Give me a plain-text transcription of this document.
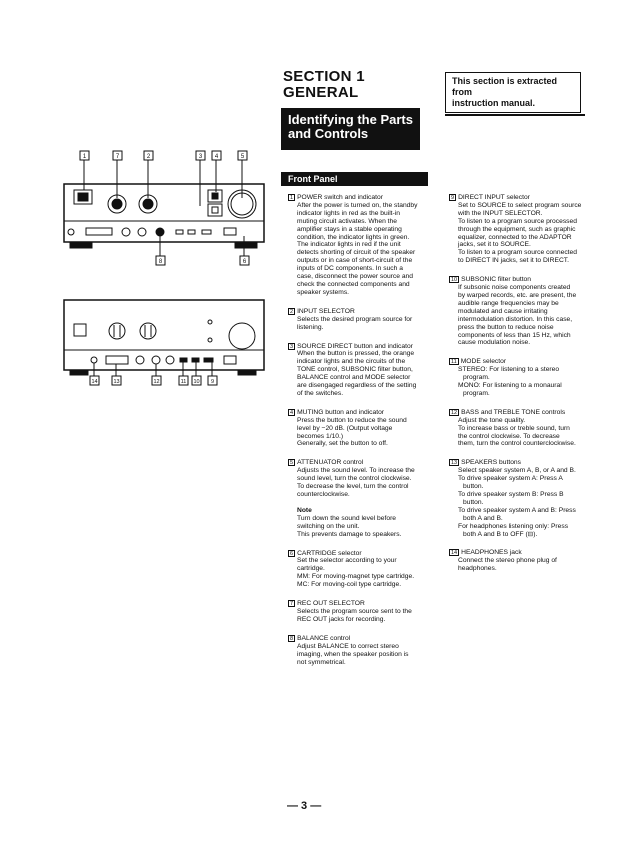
SECTION 1
GENERAL
This section is extracted from
instruction manual.
Identifying the Parts
and Controls
Front Panel
1	7	2	3 4	5
8	6
14	13	12	11 10 9
1 POWER switch and indicator
After the power is turned on, the standby
indicator lights in red as the built-in
muting circuit activates. When the
amplifier stays in a stable operating
condition, the indicator lights in green.
The indicator lights in red if the unit
detects shorting of circuit of the speaker
outputs or in case of short-circuit of the
inputs of DC components. In such a
case, disconnect the power source and
check the connected components and
speaker systems.
2 INPUT SELECTOR
Selects the desired program source for
listening.
3 SOURCE DIRECT button and indicator
When the button is pressed, the orange
indicator lights and the circuits of the
TONE control, SUBSONIC filter button,
BALANCE control and MODE selector
are disengaged regardless of the setting
of the switches.
4 MUTING button and indicator
Press the button to reduce the sound
level by −20 dB. (Output voltage
becomes 1/10.)
Generally, set the button to off.
5 ATTENUATOR control
Adjusts the sound level. To increase the
sound level, turn the control clockwise.
To decrease the level, turn the control
counterclockwise.
Note
Turn down the sound level before
switching on the unit.
This prevents damage to speakers.
6 CARTRIDGE selector
Set the selector according to your
cartridge.
MM: For moving-magnet type cartridge.
MC: For moving-coil type cartridge.
7 REC OUT SELECTOR
Selects the program source sent to the
REC OUT jacks for recording.
8 BALANCE control
Adjust BALANCE to correct stereo
imaging, when the speaker position is
not symmetrical.
9 DIRECT INPUT selector
Set to SOURCE to select program source
with the INPUT SELECTOR.
To listen to a program source processed
through the equipment, such as graphic
equalizer, connected to the ADAPTOR
jacks, set it to SOURCE.
To listen to a program source connected
to DIRECT IN jacks, set it to DIRECT.
10 SUBSONIC filter button
If subsonic noise components created
by warped records, etc. are present, the
audible range frequencies may be
modulated and cause irritating
intermodulation distortion. In this case,
press the button to reduce noise
components of less than 15 Hz, which
cause modulation noise.
11 MODE selector
STEREO: For listening to a stereo
program.
MONO: For listening to a monaural
program.
12 BASS and TREBLE TONE controls
Adjust the tone quality.
To increase bass or treble sound, turn
the control clockwise. To decrease
them, turn the control counterclockwise.
13 SPEAKERS buttons
Select speaker system A, B, or A and B.
To drive speaker system A: Press A
button.
To drive speaker system B: Press B
button.
To drive speaker system A and B: Press
both A and B.
For headphones listening only: Press
both A and B to OFF (⊟).
14 HEADPHONES jack
Connect the stereo phone plug of
headphones.
— 3 —
